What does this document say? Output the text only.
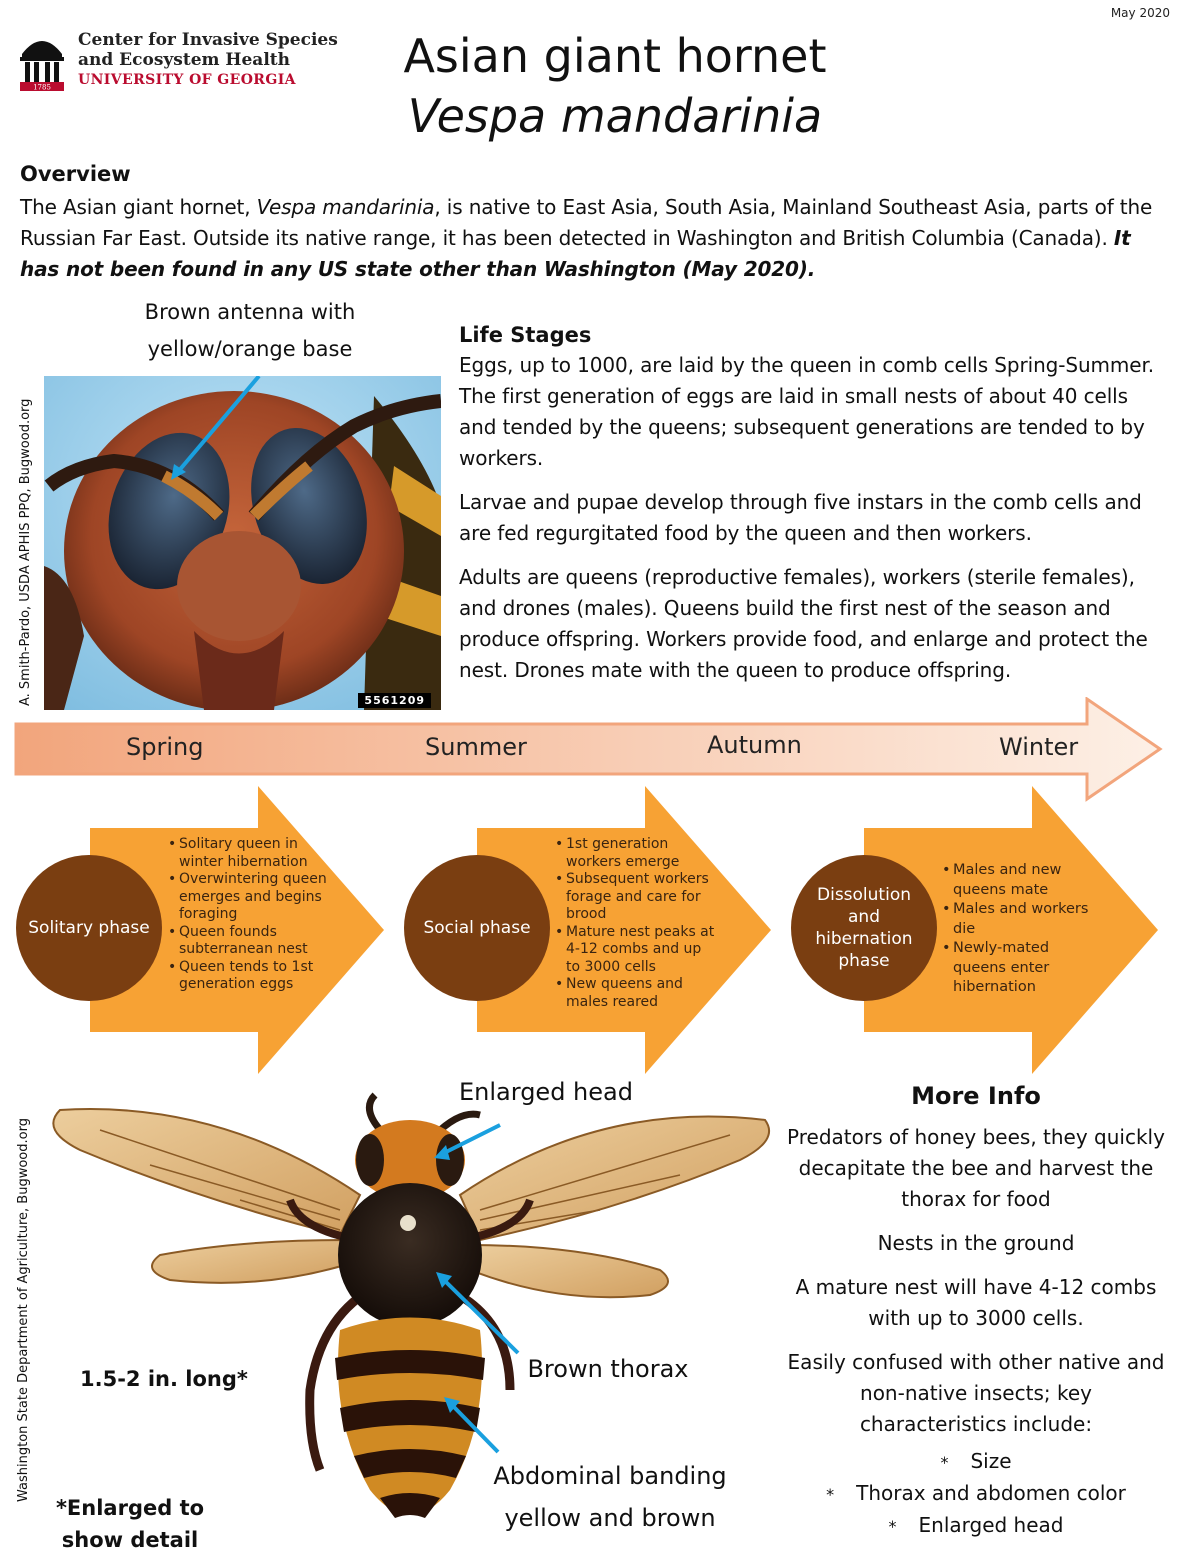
May 2020
1785
Center for Invasive Species
and Ecosystem Health
UNIVERSITY OF GEORGIA	Asian giant hornet
Vespa mandarinia
Overview

The Asian giant hornet, Vespa mandarinia, is native to East Asia, South Asia, Mainland Southeast Asia, parts of the Russian Far East. Outside its native range, it has been detected in Washington and British Columbia (Canada). It has not been found in any US state other than Washington (May 2020).

Brown antenna with
yellow/orange base
A. Smith-Pardo, USDA APHIS PPQ, Bugwood.org	5561209
Life Stages

Eggs, up to 1000, are laid by the queen in comb cells Spring-Summer. The first generation of eggs are laid in small nests of about 40 cells and tended by the queens; subsequent generations are tended to by workers.

Larvae and pupae develop through five instars in the comb cells and are fed regurgitated food by the queen and then workers.

Adults are queens (reproductive females), workers (sterile females), and drones (males). Queens build the first nest of the season and produce offspring. Workers provide food, and enlarge and protect the nest. Drones mate with the queen to produce offspring.

Spring	Summer	Autumn	Winter
Solitary phase
• Solitary queen in winter hibernation
• Overwintering queen emerges and begins foraging
• Queen founds subterranean nest
• Queen tends to 1st generation eggs
Social phase
• 1st generation workers emerge
• Subsequent workers forage and care for brood
• Mature nest peaks at 4-12 combs and up to 3000 cells
• New queens and males reared
Dissolution and hibernation phase
• Males and new queens mate
• Males and workers die
• Newly-mated queens enter hibernation
Washington State Department of Agriculture, Bugwood.org
Enlarged head
Brown thorax
Abdominal banding
yellow and brown
1.5-2 in. long*
*Enlarged to
show detail
More Info

Predators of honey bees, they quickly decapitate the bee and harvest the thorax for food

Nests in the ground

A mature nest will have 4-12 combs with up to 3000 cells.

Easily confused with other native and non-native insects; key characteristics include:

* Size
* Thorax and abdomen color
* Enlarged head
